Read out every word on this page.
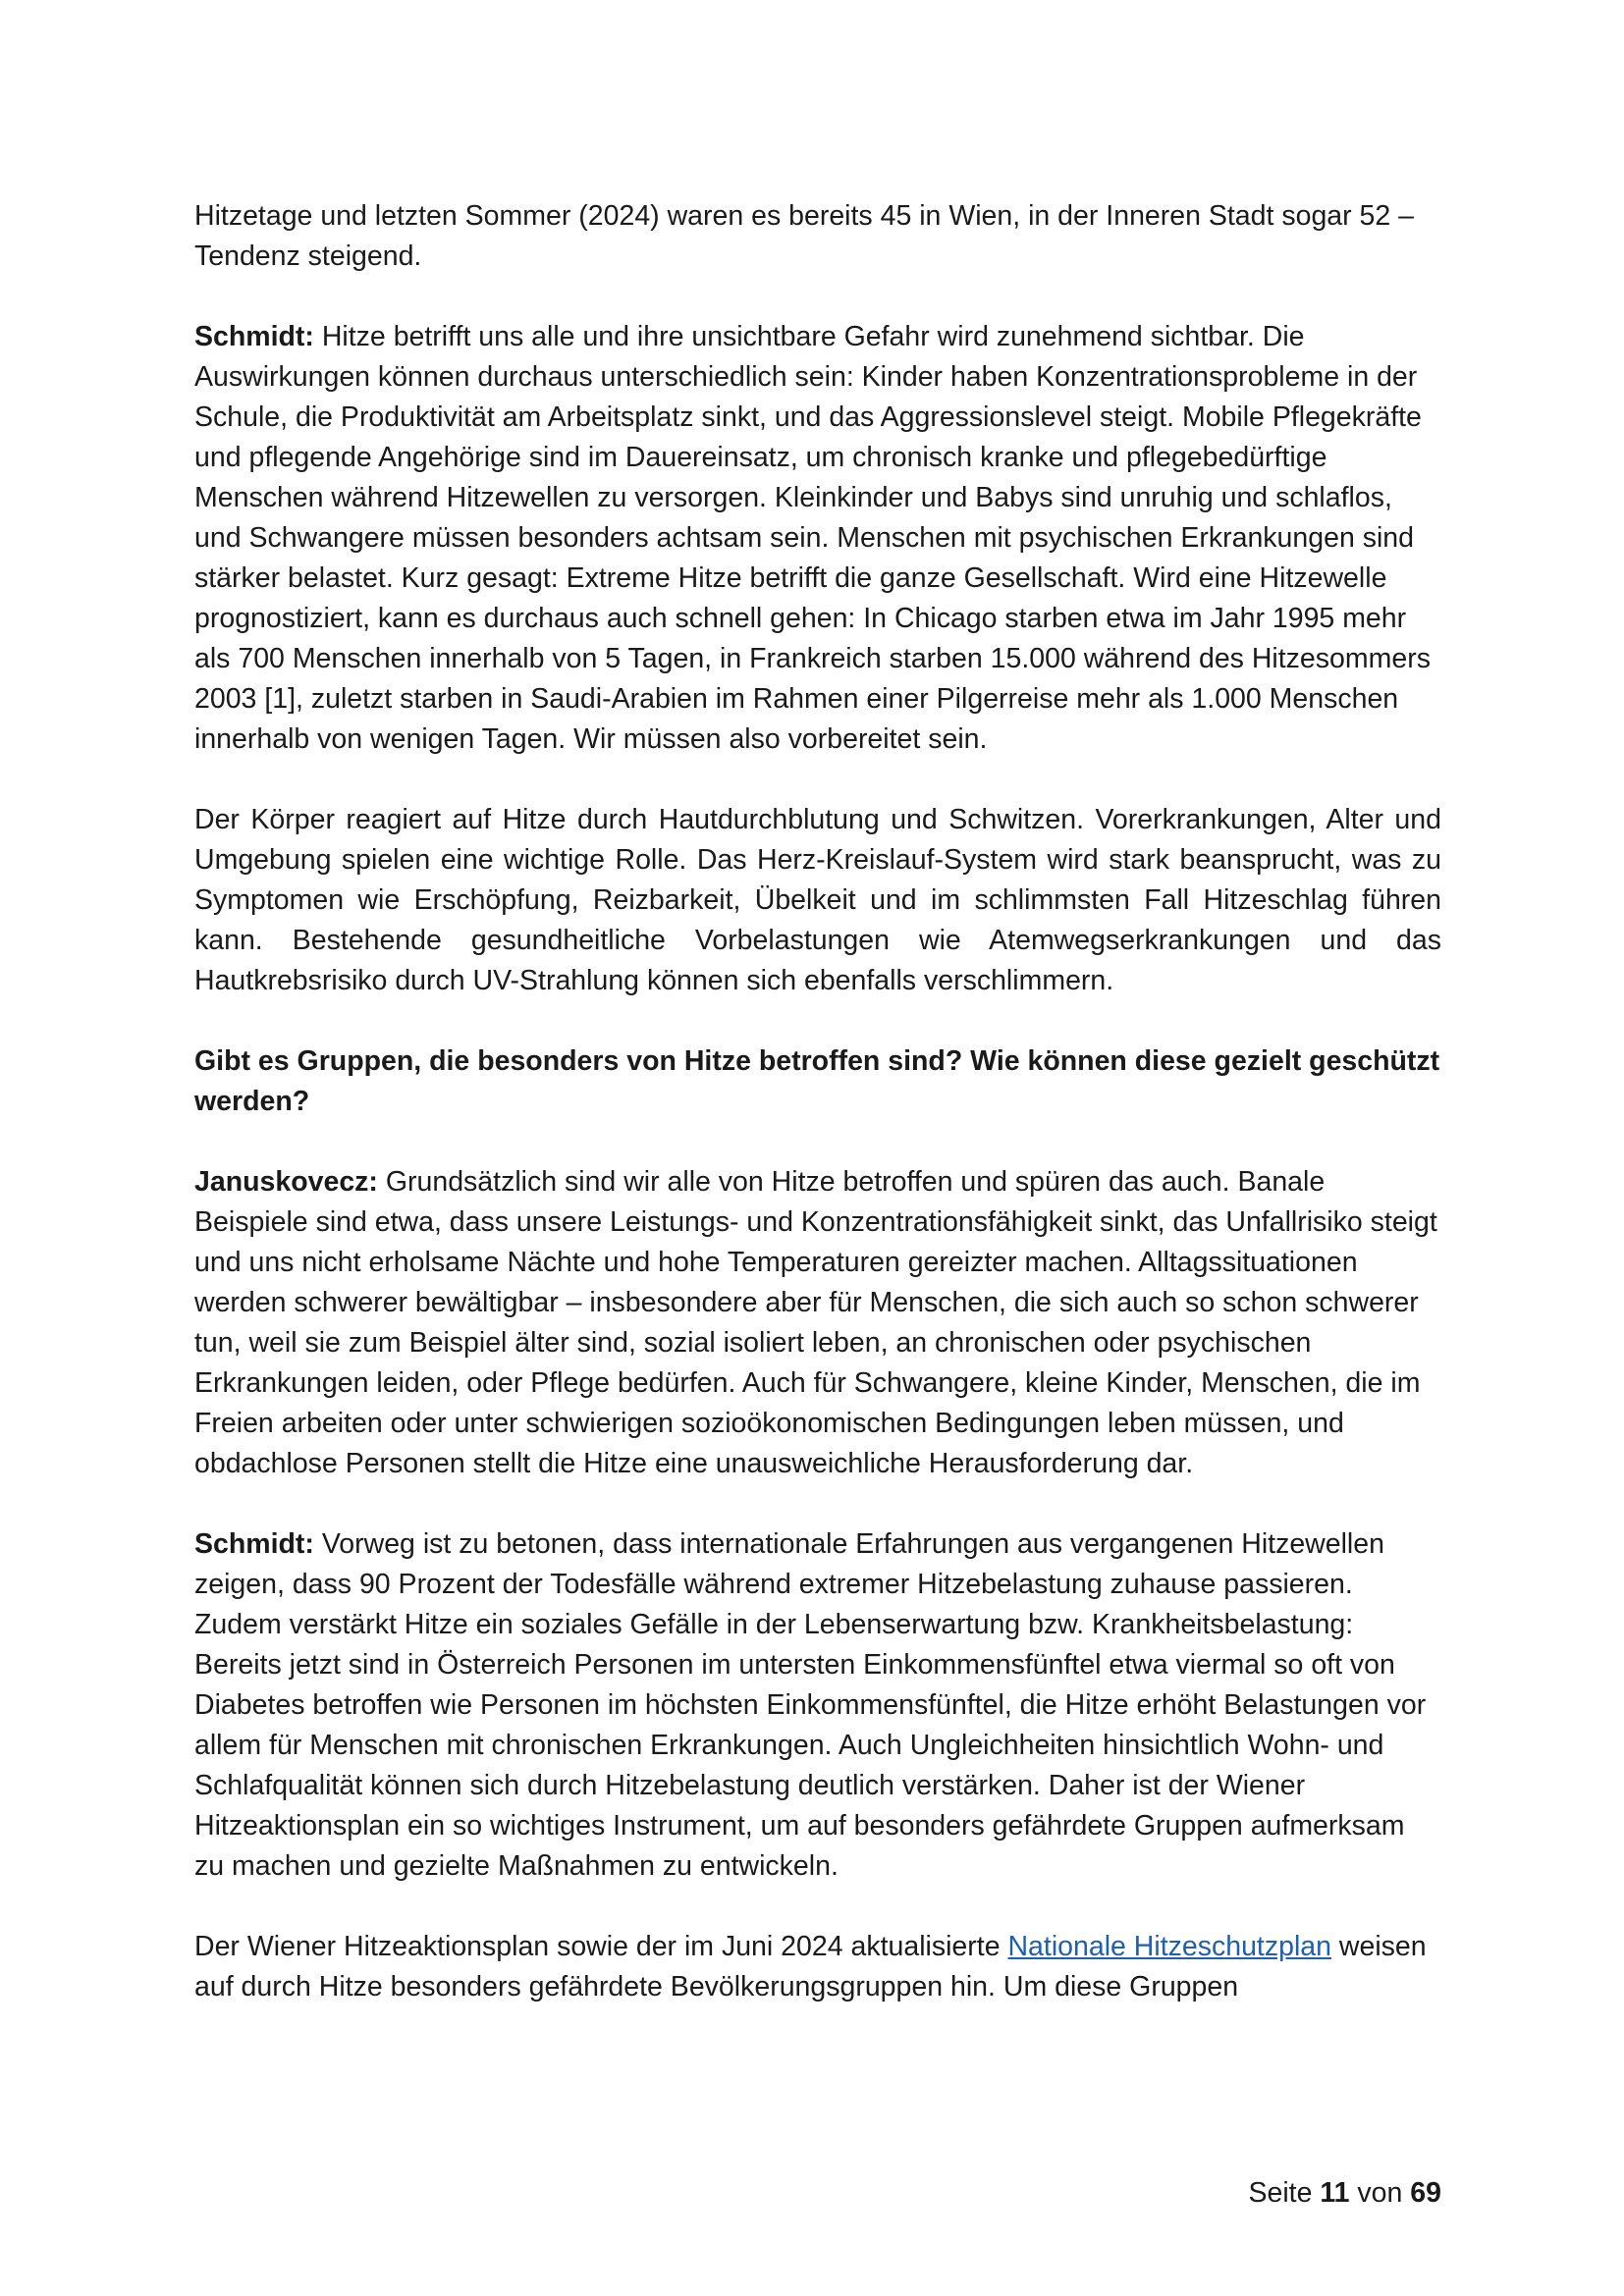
Hitzetage und letzten Sommer (2024) waren es bereits 45 in Wien, in der Inneren Stadt sogar 52 – Tendenz steigend.

Schmidt: Hitze betrifft uns alle und ihre unsichtbare Gefahr wird zunehmend sichtbar. Die Auswirkungen können durchaus unterschiedlich sein: Kinder haben Konzentrationsprobleme in der Schule, die Produktivität am Arbeitsplatz sinkt, und das Aggressionslevel steigt. Mobile Pflegekräfte und pflegende Angehörige sind im Dauereinsatz, um chronisch kranke und pflegebedürftige Menschen während Hitzewellen zu versorgen. Kleinkinder und Babys sind unruhig und schlaflos, und Schwangere müssen besonders achtsam sein. Menschen mit psychischen Erkrankungen sind stärker belastet. Kurz gesagt: Extreme Hitze betrifft die ganze Gesellschaft. Wird eine Hitzewelle prognostiziert, kann es durchaus auch schnell gehen: In Chicago starben etwa im Jahr 1995 mehr als 700 Menschen innerhalb von 5 Tagen, in Frankreich starben 15.000 während des Hitzesommers 2003 [1], zuletzt starben in Saudi-Arabien im Rahmen einer Pilgerreise mehr als 1.000 Menschen innerhalb von wenigen Tagen. Wir müssen also vorbereitet sein.

Der Körper reagiert auf Hitze durch Hautdurchblutung und Schwitzen. Vorerkrankungen, Alter und Umgebung spielen eine wichtige Rolle. Das Herz-Kreislauf-System wird stark beansprucht, was zu Symptomen wie Erschöpfung, Reizbarkeit, Übelkeit und im schlimmsten Fall Hitzeschlag führen kann. Bestehende gesundheitliche Vorbelastungen wie Atemwegserkrankungen und das Hautkrebsrisiko durch UV-Strahlung können sich ebenfalls verschlimmern.

Gibt es Gruppen, die besonders von Hitze betroffen sind? Wie können diese gezielt geschützt werden?

Januskovecz: Grundsätzlich sind wir alle von Hitze betroffen und spüren das auch. Banale Beispiele sind etwa, dass unsere Leistungs- und Konzentrationsfähigkeit sinkt, das Unfallrisiko steigt und uns nicht erholsame Nächte und hohe Temperaturen gereizter machen. Alltagssituationen werden schwerer bewältigbar – insbesondere aber für Menschen, die sich auch so schon schwerer tun, weil sie zum Beispiel älter sind, sozial isoliert leben, an chronischen oder psychischen Erkrankungen leiden, oder Pflege bedürfen. Auch für Schwangere, kleine Kinder, Menschen, die im Freien arbeiten oder unter schwierigen sozioökonomischen Bedingungen leben müssen, und obdachlose Personen stellt die Hitze eine unausweichliche Herausforderung dar.

Schmidt: Vorweg ist zu betonen, dass internationale Erfahrungen aus vergangenen Hitzewellen zeigen, dass 90 Prozent der Todesfälle während extremer Hitzebelastung zuhause passieren. Zudem verstärkt Hitze ein soziales Gefälle in der Lebenserwartung bzw. Krankheitsbelastung: Bereits jetzt sind in Österreich Personen im untersten Einkommensfünftel etwa viermal so oft von Diabetes betroffen wie Personen im höchsten Einkommensfünftel, die Hitze erhöht Belastungen vor allem für Menschen mit chronischen Erkrankungen. Auch Ungleichheiten hinsichtlich Wohn- und Schlafqualität können sich durch Hitzebelastung deutlich verstärken. Daher ist der Wiener Hitzeaktionsplan ein so wichtiges Instrument, um auf besonders gefährdete Gruppen aufmerksam zu machen und gezielte Maßnahmen zu entwickeln.

Der Wiener Hitzeaktionsplan sowie der im Juni 2024 aktualisierte Nationale Hitzeschutzplan weisen auf durch Hitze besonders gefährdete Bevölkerungsgruppen hin. Um diese Gruppen

Seite 11 von 69
